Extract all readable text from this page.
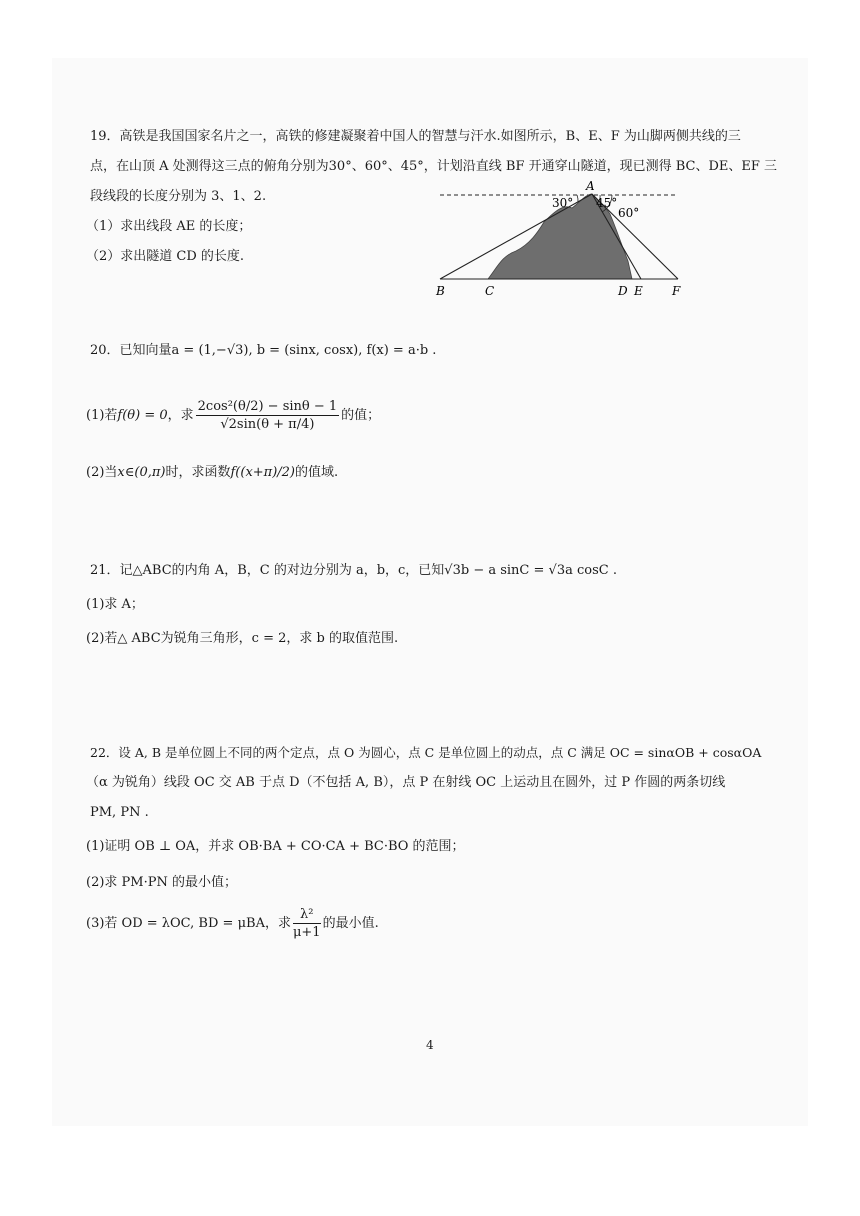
19．高铁是我国国家名片之一，高铁的修建凝聚着中国人的智慧与汗水.如图所示，B、E、F 为山脚两侧共线的三
点，在山顶 A 处测得这三点的俯角分别为30°、60°、45°，计划沿直线 BF 开通穿山隧道，现已测得 BC、DE、EF 三
段线段的长度分别为 3、1、2.
（1）求出线段 AE 的长度；
（2）求出隧道 CD 的长度.
A
B	C	D E F
30° 45°
60°
20．已知向量a = (1,−√3), b = (sinx, cosx), f(x) = a·b .
(1)若f(θ) = 0，求 $\frac{\text{2cos²(θ/2) − sinθ − 1}}{√2\sin(\theta + \pi/4)}$ 的值；
(2)当x∈(0,π)时，求函数f((x+π)/2)的值域.
21．记△ABC的内角 A，B，C 的对边分别为 a，b，c，已知√3b − a sinC = √3a cosC .
(1)求 A；
(2)若△ ABC为锐角三角形，c = 2，求 b 的取值范围.
22．设 A, B 是单位圆上不同的两个定点，点 O 为圆心，点 C 是单位圆上的动点，点 C 满足 OC = sinαOB + cosαOA
（α 为锐角）线段 OC 交 AB 于点 D（不包括 A, B），点 P 在射线 OC 上运动且在圆外，过 P 作圆的两条切线
PM, PN .
(1)证明 OB ⊥ OA，并求 OB·BA + CO·CA + BC·BO 的范围；
(2)求 PM·PN 的最小值；
(3)若 OD = λOC, BD = μBA，求 $\frac{\text{λ²}}{\mu+1}$ 的最小值.
4
